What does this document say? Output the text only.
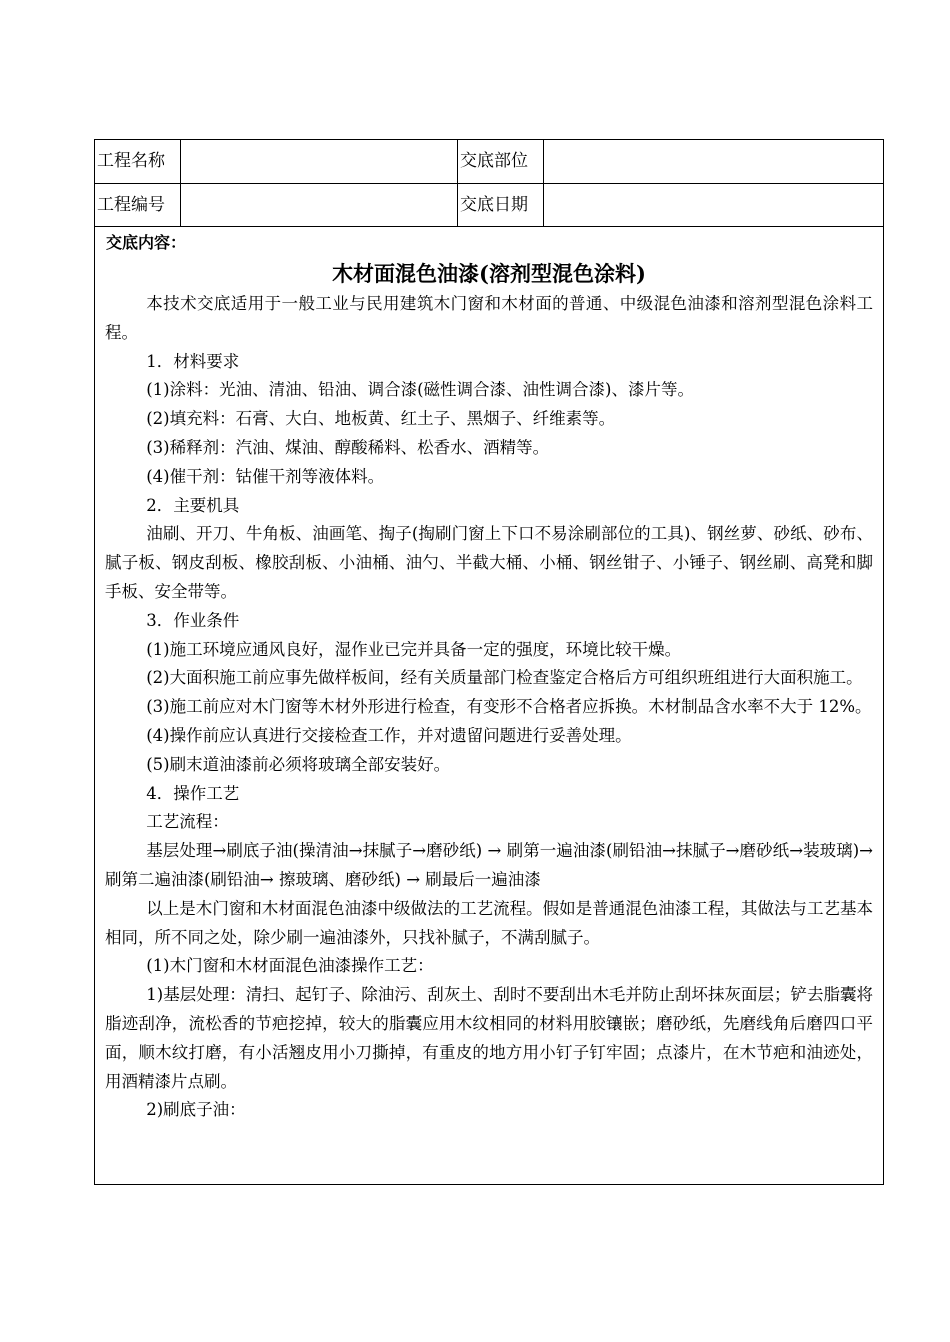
工程名称	交底部位
工程编号	交底日期
交底内容：
木材面混色油漆(溶剂型混色涂料)

本技术交底适用于一般工业与民用建筑木门窗和木材面的普通、中级混色油漆和溶剂型混色涂料工程。

1．材料要求

(1)涂料：光油、清油、铅油、调合漆(磁性调合漆、油性调合漆)、漆片等。

(2)填充料：石膏、大白、地板黄、红土子、黑烟子、纤维素等。

(3)稀释剂：汽油、煤油、醇酸稀料、松香水、酒精等。

(4)催干剂：钴催干剂等液体料。

2．主要机具

油刷、开刀、牛角板、油画笔、掏子(掏刷门窗上下口不易涂刷部位的工具)、钢丝萝、砂纸、砂布、腻子板、钢皮刮板、橡胶刮板、小油桶、油勺、半截大桶、小桶、钢丝钳子、小锤子、钢丝刷、高凳和脚手板、安全带等。

3．作业条件

(1)施工环境应通风良好，湿作业已完并具备一定的强度，环境比较干燥。

(2)大面积施工前应事先做样板间，经有关质量部门检查鉴定合格后方可组织班组进行大面积施工。

(3)施工前应对木门窗等木材外形进行检查，有变形不合格者应拆换。木材制品含水率不大于 12%。

(4)操作前应认真进行交接检查工作，并对遗留问题进行妥善处理。

(5)刷末道油漆前必须将玻璃全部安装好。

4．操作工艺

工艺流程：

基层处理→刷底子油(操清油→抹腻子→磨砂纸) → 刷第一遍油漆(刷铅油→抹腻子→磨砂纸→装玻璃)→刷第二遍油漆(刷铅油→ 擦玻璃、磨砂纸) → 刷最后一遍油漆

以上是木门窗和木材面混色油漆中级做法的工艺流程。假如是普通混色油漆工程，其做法与工艺基本相同，所不同之处，除少刷一遍油漆外，只找补腻子，不满刮腻子。

(1)木门窗和木材面混色油漆操作工艺：

1)基层处理：清扫、起钉子、除油污、刮灰土、刮时不要刮出木毛并防止刮坏抹灰面层；铲去脂囊将脂迹刮净，流松香的节疤挖掉，较大的脂囊应用木纹相同的材料用胶镶嵌；磨砂纸，先磨线角后磨四口平面，顺木纹打磨，有小活翘皮用小刀撕掉，有重皮的地方用小钉子钉牢固；点漆片，在木节疤和油迹处，用酒精漆片点刷。

2)刷底子油：
